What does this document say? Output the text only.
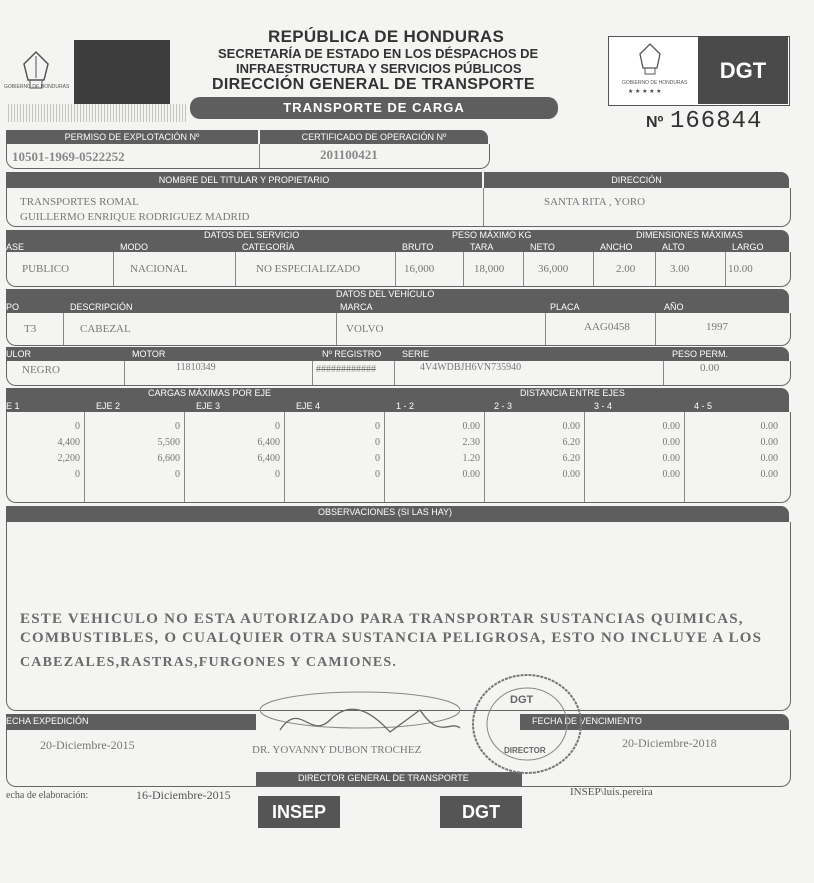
GOBIERNO DE HONDURAS
REPÚBLICA DE HONDURAS
SECRETARÍA DE ESTADO EN LOS DÉSPACHOS DE
INFRAESTRUCTURA Y SERVICIOS PÚBLICOS
DIRECCIÓN GENERAL DE TRANSPORTE
TRANSPORTE DE CARGA
GOBIERNO DE HONDURAS
★ ★ ★ ★ ★
DGT
Nº 166844
PERMISO DE EXPLOTACIÓN Nº	CERTIFICADO DE OPERACIÓN Nº
10501-1969-0522252	201100421
NOMBRE DEL TITULAR Y PROPIETARIO	DIRECCIÓN
TRANSPORTES ROMAL
GUILLERMO ENRIQUE RODRIGUEZ MADRID
SANTA RITA , YORO
DATOS DEL SERVICIO	PESO MÁXIMO KG	DIMENSIONES MÁXIMAS
ASE	MODO	CATEGORÍA	BRUTO	TARA	NETO	ANCHO	ALTO	LARGO
PUBLICO	NACIONAL	NO ESPECIALIZADO	16,000	18,000	36,000	2.00	3.00	10.00
DATOS DEL VEHÍCULO
PO	DESCRIPCIÓN	MARCA	PLACA	AÑO
T3	CABEZAL	VOLVO	AAG0458	1997
ULOR	MOTOR	Nº REGISTRO SERIE	PESO PERM.
NEGRO	11810349	############	4V4WDBJH6VN735940	0.00
CARGAS MÁXIMAS POR EJE	DISTANCIA ENTRE EJES
E 1	EJE 2	EJE 3	EJE 4	1 - 2	2 - 3	3 - 4	4 - 5
0	0	0	0	0.00	0.00	0.00	0.00
4,400	5,500	6,400	0	2.30	6.20	0.00	0.00
2,200	6,600	6,400	0	1.20	6.20	0.00	0.00
0	0	0	0	0.00	0.00	0.00	0.00
OBSERVACIONES (SI LAS HAY)
ESTE VEHICULO NO ESTA AUTORIZADO PARA TRANSPORTAR SUSTANCIAS QUIMICAS,
COMBUSTIBLES, O CUALQUIER OTRA SUSTANCIA PELIGROSA, ESTO NO INCLUYE A LOS
CABEZALES,RASTRAS,FURGONES Y CAMIONES.
ECHA EXPEDICIÓN	FECHA DE VENCIMIENTO
20-Diciembre-2015	20-Diciembre-2018
DR. YOVANNY DUBON TROCHEZ
DIRECTOR GENERAL DE TRANSPORTE
DGT
DIRECTOR
echa de elaboración:	16-Diciembre-2015	INSEP\luis.pereira
INSEP	DGT
